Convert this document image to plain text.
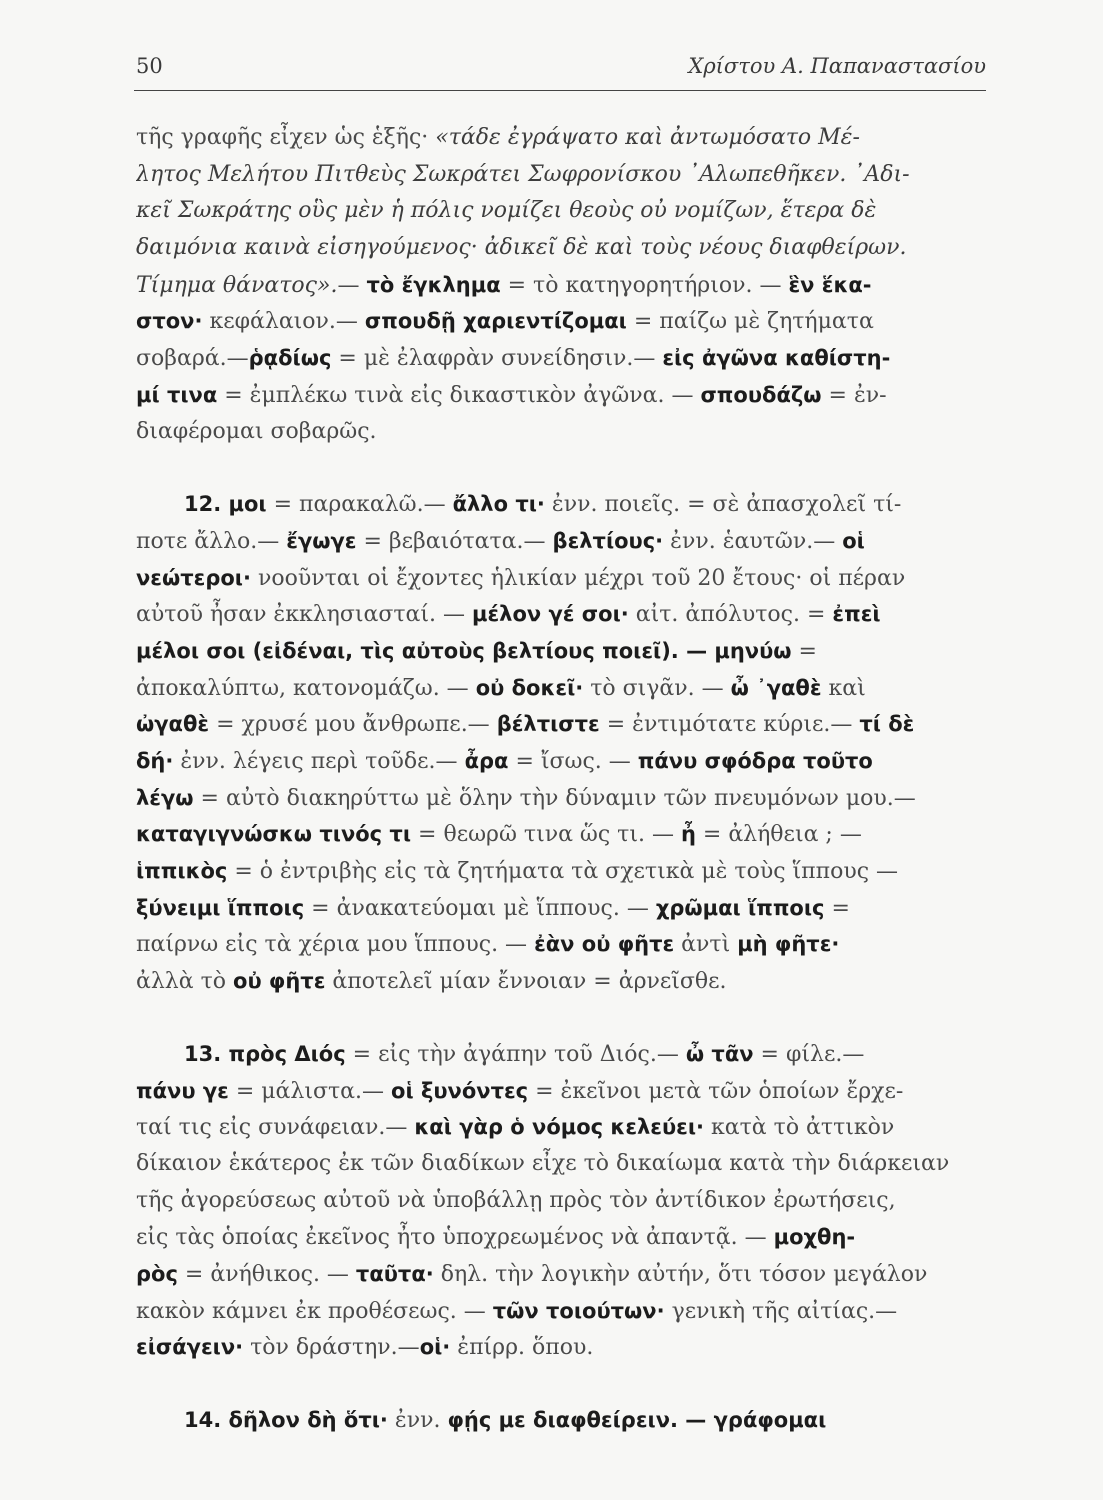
50	Χρίστου Α. Παπαναστασίου
τῆς γραφῆς εἶχεν ὡς ἑξῆς· «τάδε ἐγράψατο καὶ ἀντωμόσατο Μέ-
λητος Μελήτου Πιτθεὺς Σωκράτει Σωφρονίσκου ᾿Αλωπεθῆκεν. ᾿Αδι-
κεῖ Σωκράτης οὓς μὲν ἡ πόλις νομίζει θεοὺς οὐ νομίζων, ἕτερα δὲ
δαιμόνια καινὰ εἰσηγούμενος· ἀδικεῖ δὲ καὶ τοὺς νέους διαφθείρων.
Τίμημα θάνατος».— τὸ ἔγκλημα = τὸ κατηγορητήριον. — ἓν ἕκα-
στον· κεφάλαιον.— σπουδῇ χαριεντίζομαι = παίζω μὲ ζητήματα
σοβαρά.—ῥᾳδίως = μὲ ἐλαφρὰν συνείδησιν.— εἰς ἀγῶνα καθίστη-
μί τινα = ἐμπλέκω τινὰ εἰς δικαστικὸν ἀγῶνα. — σπουδάζω = ἐν-
διαφέρομαι σοβαρῶς.
12. μοι = παρακαλῶ.— ἄλλο τι· ἐνν. ποιεῖς. = σὲ ἀπασχολεῖ τί-
ποτε ἄλλο.— ἔγωγε = βεβαιότατα.— βελτίους· ἐνν. ἑαυτῶν.— οἱ
νεώτεροι· νοοῦνται οἱ ἔχοντες ἡλικίαν μέχρι τοῦ 20 ἔτους· οἱ πέραν
αὐτοῦ ἦσαν ἐκκλησιασταί. — μέλον γέ σοι· αἰτ. ἀπόλυτος. = ἐπεὶ
μέλοι σοι (εἰδέναι, τὶς αὐτοὺς βελτίους ποιεῖ). — μηνύω =
ἀποκαλύπτω, κατονομάζω. — οὐ δοκεῖ· τὸ σιγᾶν. — ὦ ᾿γαθὲ καὶ
ὠγαθὲ = χρυσέ μου ἄνθρωπε.— βέλτιστε = ἐντιμότατε κύριε.— τί δὲ
δή· ἐνν. λέγεις περὶ τοῦδε.— ἆρα = ἴσως. — πάνυ σφόδρα τοῦτο
λέγω = αὐτὸ διακηρύττω μὲ ὅλην τὴν δύναμιν τῶν πνευμόνων μου.—
καταγιγνώσκω τινός τι = θεωρῶ τινα ὥς τι. — ἦ = ἀλήθεια ; —
ἱππικὸς = ὁ ἐντριβὴς εἰς τὰ ζητήματα τὰ σχετικὰ μὲ τοὺς ἵππους —
ξύνειμι ἵπποις = ἀνακατεύομαι μὲ ἵππους. — χρῶμαι ἵπποις =
παίρνω εἰς τὰ χέρια μου ἵππους. — ἐὰν οὐ φῆτε ἀντὶ μὴ φῆτε·
ἀλλὰ τὸ οὐ φῆτε ἀποτελεῖ μίαν ἔννοιαν = ἀρνεῖσθε.
13. πρὸς Διός = εἰς τὴν ἀγάπην τοῦ Διός.— ὦ τᾶν = φίλε.—
πάνυ γε = μάλιστα.— οἱ ξυνόντες = ἐκεῖνοι μετὰ τῶν ὁποίων ἔρχε-
ταί τις εἰς συνάφειαν.— καὶ γὰρ ὁ νόμος κελεύει· κατὰ τὸ ἀττικὸν
δίκαιον ἑκάτερος ἐκ τῶν διαδίκων εἶχε τὸ δικαίωμα κατὰ τὴν διάρκειαν
τῆς ἀγορεύσεως αὐτοῦ νὰ ὑποβάλλῃ πρὸς τὸν ἀντίδικον ἐρωτήσεις,
εἰς τὰς ὁποίας ἐκεῖνος ἦτο ὑποχρεωμένος νὰ ἀπαντᾷ. — μοχθη-
ρὸς = ἀνήθικος. — ταῦτα· δηλ. τὴν λογικὴν αὐτήν, ὅτι τόσον μεγάλον
κακὸν κάμνει ἐκ προθέσεως. — τῶν τοιούτων· γενικὴ τῆς αἰτίας.—
εἰσάγειν· τὸν δράστην.—οἱ· ἐπίρρ. ὅπου.
14. δῆλον δὴ ὅτι· ἐνν. φῄς με διαφθείρειν. — γράφομαι
